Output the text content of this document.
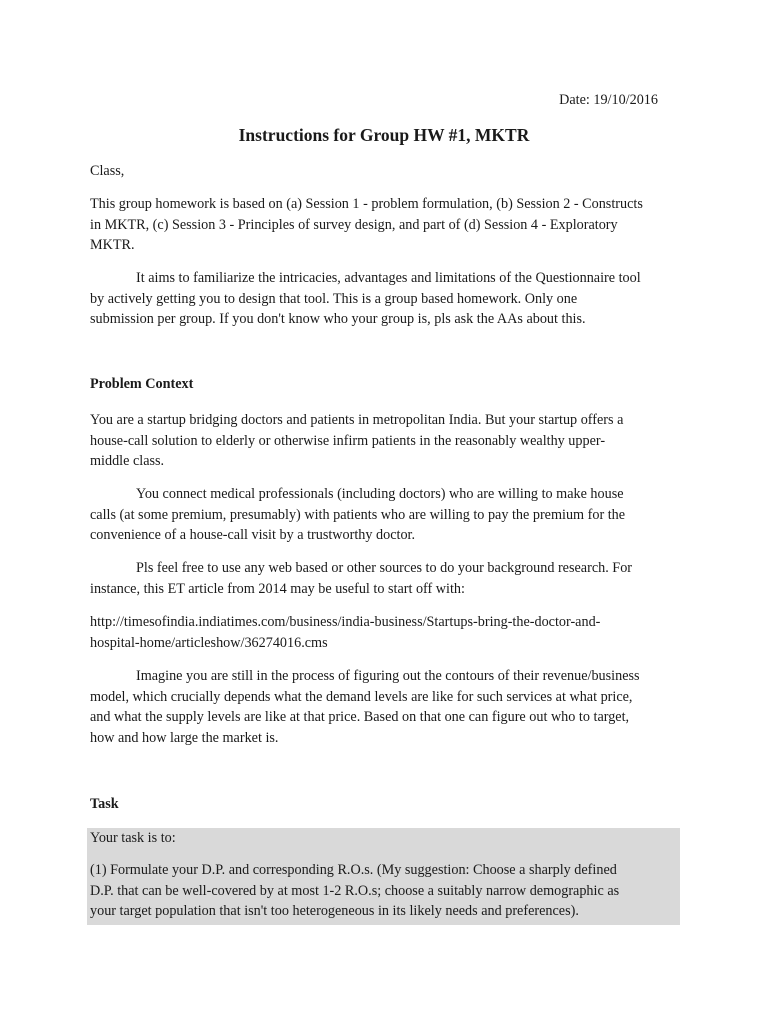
Date: 19/10/2016
Instructions for Group HW #1, MKTR

Class,

This group homework is based on (a) Session 1 - problem formulation, (b) Session 2 - Constructs
in MKTR, (c) Session 3 - Principles of survey design, and part of (d) Session 4 - Exploratory
MKTR.
It aims to familiarize the intricacies, advantages and limitations of the Questionnaire tool
by actively getting you to design that tool. This is a group based homework. Only one
submission per group. If you don't know who your group is, pls ask the AAs about this.

Problem Context

You are a startup bridging doctors and patients in metropolitan India. But your startup offers a
house-call solution to elderly or otherwise infirm patients in the reasonably wealthy upper-
middle class.
You connect medical professionals (including doctors) who are willing to make house
calls (at some premium, presumably) with patients who are willing to pay the premium for the
convenience of a house-call visit by a trustworthy doctor.
Pls feel free to use any web based or other sources to do your background research. For
instance, this ET article from 2014 may be useful to start off with:
http://timesofindia.indiatimes.com/business/india-business/Startups-bring-the-doctor-and-
hospital-home/articleshow/36274016.cms
Imagine you are still in the process of figuring out the contours of their revenue/business
model, which crucially depends what the demand levels are like for such services at what price,
and what the supply levels are like at that price. Based on that one can figure out who to target,
how and how large the market is.

Task

Your task is to:

(1) Formulate your D.P. and corresponding R.O.s. (My suggestion: Choose a sharply defined

D.P. that can be well-covered by at most 1-2 R.O.s; choose a suitably narrow demographic as

your target population that isn't too heterogeneous in its likely needs and preferences).
